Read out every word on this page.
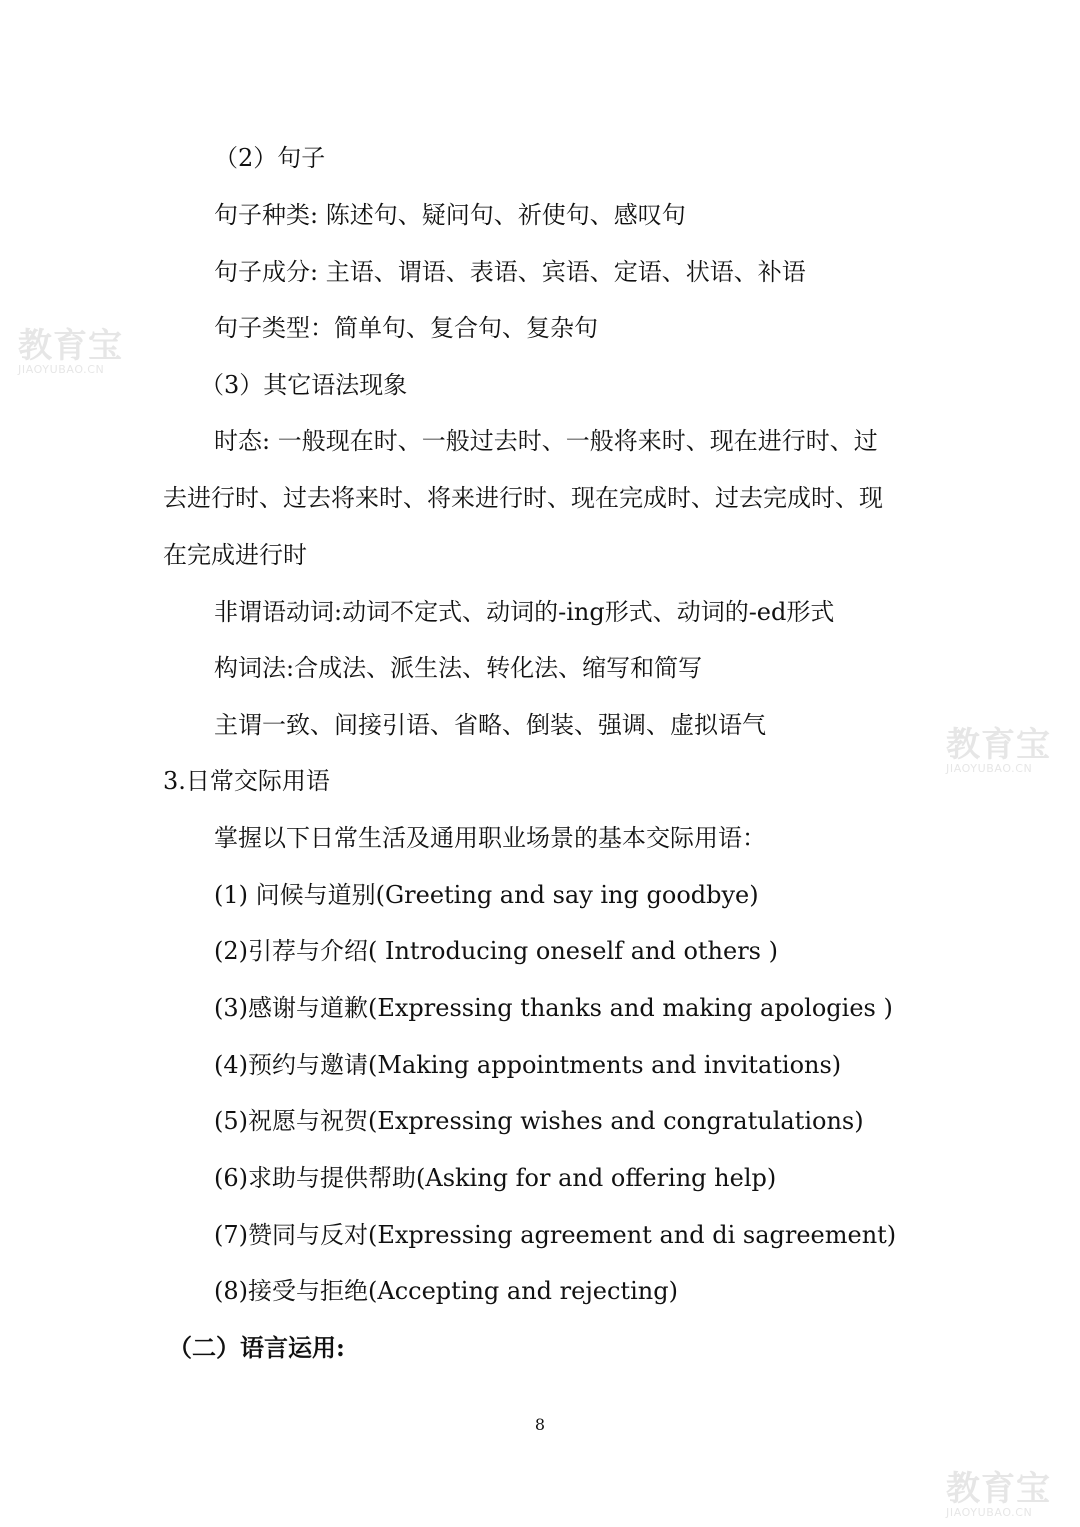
（2）句子
句子种类: 陈述句、疑问句、祈使句、感叹句
句子成分: 主语、谓语、表语、宾语、定语、状语、补语
句子类型：简单句、复合句、复杂句
（3）其它语法现象
时态: 一般现在时、一般过去时、一般将来时、现在进行时、过
去进行时、过去将来时、将来进行时、现在完成时、过去完成时、现
在完成进行时
非谓语动词:动词不定式、动词的-ing形式、动词的-ed形式
构词法:合成法、派生法、转化法、缩写和简写
主谓一致、间接引语、省略、倒装、强调、虚拟语气
3.日常交际用语
掌握以下日常生活及通用职业场景的基本交际用语：
(1) 问候与道别(Greeting and say ing goodbye)
(2)引荐与介绍( Introducing oneself and others )
(3)感谢与道歉(Expressing thanks and making apologies )
(4)预约与邀请(Making appointments and invitations)
(5)祝愿与祝贺(Expressing wishes and congratulations)
(6)求助与提供帮助(Asking for and offering help)
(7)赞同与反对(Expressing agreement and di sagreement)
(8)接受与拒绝(Accepting and rejecting)
（二）语言运用:
8
教育宝
JIAOYUBAO.CN
教育宝
JIAOYUBAO.CN
教育宝
JIAOYUBAO.CN
